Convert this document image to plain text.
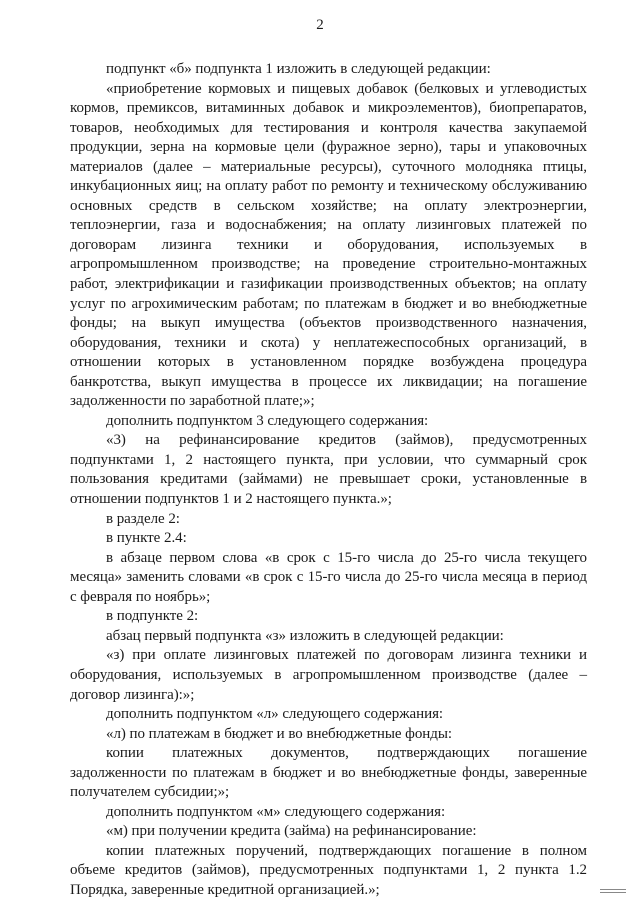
2

подпункт «б» подпункта 1 изложить в следующей редакции:

«приобретение кормовых и пищевых добавок (белковых и углеводистых кормов, премиксов, витаминных добавок и микроэлементов), биопрепаратов, товаров, необходимых для тестирования и контроля качества закупаемой продукции, зерна на кормовые цели (фуражное зерно), тары и упаковочных материалов (далее – материальные ресурсы), суточного молодняка птицы, инкубационных яиц; на оплату работ по ремонту и техническому обслуживанию основных средств в сельском хозяйстве; на оплату электроэнергии, теплоэнергии, газа и водоснабжения; на оплату лизинговых платежей по договорам лизинга техники и оборудования, используемых в агропромышленном производстве; на проведение строительно-монтажных работ, электрификации и газификации производственных объектов; на оплату услуг по агрохимическим работам; по платежам в бюджет и во внебюджетные фонды; на выкуп имущества (объектов производственного назначения, оборудования, техники и скота) у неплатежеспособных организаций, в отношении которых в установленном порядке возбуждена процедура банкротства, выкуп имущества в процессе их ликвидации; на погашение задолженности по заработной плате;»;

дополнить подпунктом 3 следующего содержания:

«3) на рефинансирование кредитов (займов), предусмотренных подпунктами 1, 2 настоящего пункта, при условии, что суммарный срок пользования кредитами (займами) не превышает сроки, установленные в отношении подпунктов 1 и 2 настоящего пункта.»;

в разделе 2:

в пункте 2.4:

в абзаце первом слова «в срок с 15-го числа до 25-го числа текущего месяца» заменить словами «в срок с 15-го числа до 25-го числа месяца в период с февраля по ноябрь»;

в подпункте 2:

абзац первый подпункта «з» изложить в следующей редакции:

«з) при оплате лизинговых платежей по договорам лизинга техники и оборудования, используемых в агропромышленном производстве (далее – договор лизинга):»;

дополнить подпунктом «л» следующего содержания:

«л) по платежам в бюджет и во внебюджетные фонды:

копии платежных документов, подтверждающих погашение задолженности по платежам в бюджет и во внебюджетные фонды, заверенные получателем субсидии;»;

дополнить подпунктом «м» следующего содержания:

«м) при получении кредита (займа) на рефинансирование:

копии платежных поручений, подтверждающих погашение в полном объеме кредитов (займов), предусмотренных подпунктами 1, 2 пункта 1.2 Порядка, заверенные кредитной организацией.»;
